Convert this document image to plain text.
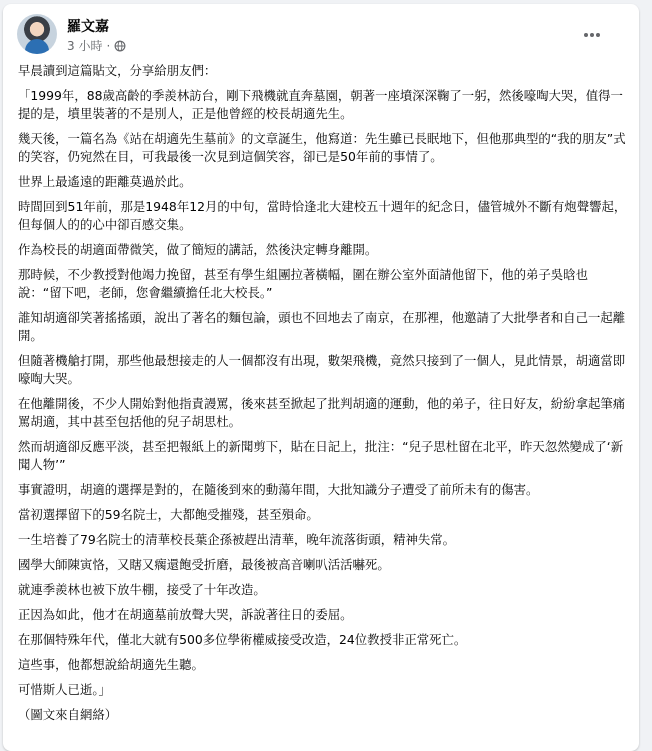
羅文嘉
3 小時 ·

早晨讀到這篇貼文，分享給朋友們：

「1999年，88歲高齡的季羨林訪台，剛下飛機就直奔墓園，朝著一座墳深深鞠了一躬，然後嚎啕大哭，值得一提的是，墳里裝著的不是別人，正是他曾經的校長胡適先生。

幾天後，一篇名為《站在胡適先生墓前》的文章誕生，他寫道：先生雖已長眠地下，但他那典型的“我的朋友”式的笑容，仍宛然在目，可我最後一次見到這個笑容，卻已是50年前的事情了。

世界上最遙遠的距離莫過於此。

時間回到51年前，那是1948年12月的中旬，當時恰逢北大建校五十週年的紀念日，儘管城外不斷有炮聲響起，但每個人的的心中卻百感交集。

作為校長的胡適面帶微笑，做了簡短的講話，然後決定轉身離開。

那時候，不少教授對他竭力挽留，甚至有學生組團拉著橫幅，圍在辦公室外面請他留下，他的弟子吳晗也說：“留下吧，老師，您會繼續擔任北大校長。”

誰知胡適卻笑著搖搖頭，說出了著名的麵包論，頭也不回地去了南京，在那裡，他邀請了大批學者和自己一起離開。

但隨著機艙打開，那些他最想接走的人一個都沒有出現，數架飛機，竟然只接到了一個人，見此情景，胡適當即嚎啕大哭。

在他離開後，不少人開始對他指責謾罵，後來甚至掀起了批判胡適的運動，他的弟子，往日好友，紛紛拿起筆痛罵胡適，其中甚至包括他的兒子胡思杜。

然而胡適卻反應平淡，甚至把報紙上的新聞剪下，貼在日記上，批注：“兒子思杜留在北平，昨天忽然變成了‘新聞人物’”

事實證明，胡適的選擇是對的，在隨後到來的動蕩年間，大批知識分子遭受了前所未有的傷害。

當初選擇留下的59名院士，大都飽受摧殘，甚至殞命。

一生培養了79名院士的清華校長葉企孫被趕出清華，晚年流落街頭，精神失常。

國學大師陳寅恪，又瞎又瘸還飽受折磨，最後被高音喇叭活活嚇死。

就連季羨林也被下放牛棚，接受了十年改造。

正因為如此，他才在胡適墓前放聲大哭，訴說著往日的委屈。

在那個特殊年代，僅北大就有500多位學術權威接受改造，24位教授非正常死亡。

這些事，他都想說給胡適先生聽。

可惜斯人已逝。」

（圖文來自網絡）
